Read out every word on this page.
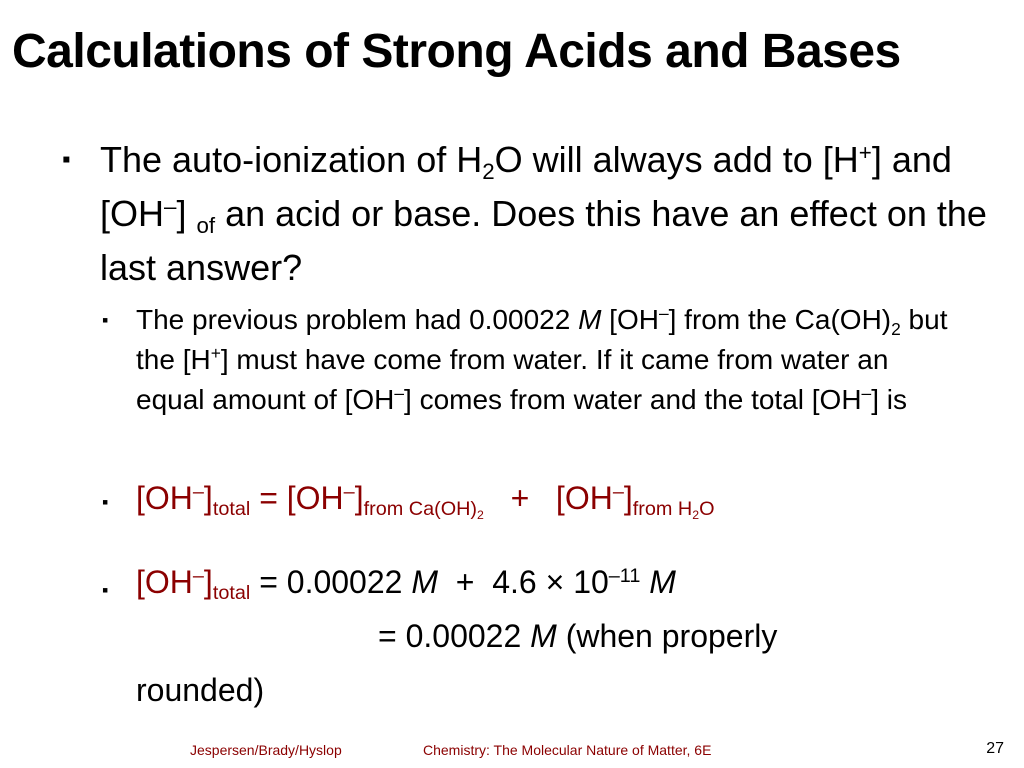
Calculations of Strong Acids and Bases
▪ The auto-ionization of $H_2O$ will always add to [H+] and [OH–] $_{of}$ an acid or base. Does this have an effect on the last answer?
▪ The previous problem had 0.00022 M [OH–] from the $Ca(OH)_2$ but the [H+] must have come from water. If it came from water an equal amount of [OH–] comes from water and the total [OH–] is
▪ $[OH^-]_{total} = [OH^-]_{from Ca(OH)_2} + [OH^-]_{from H_2O}$
▪ $[OH^-]_{total} = 0.00022$ $M + 4.6 \times 10^{-11}$ M
= 0.00022 M (when properly
rounded)
Jespersen/Brady/Hyslop	Chemistry: The Molecular Nature of Matter, 6E	27
